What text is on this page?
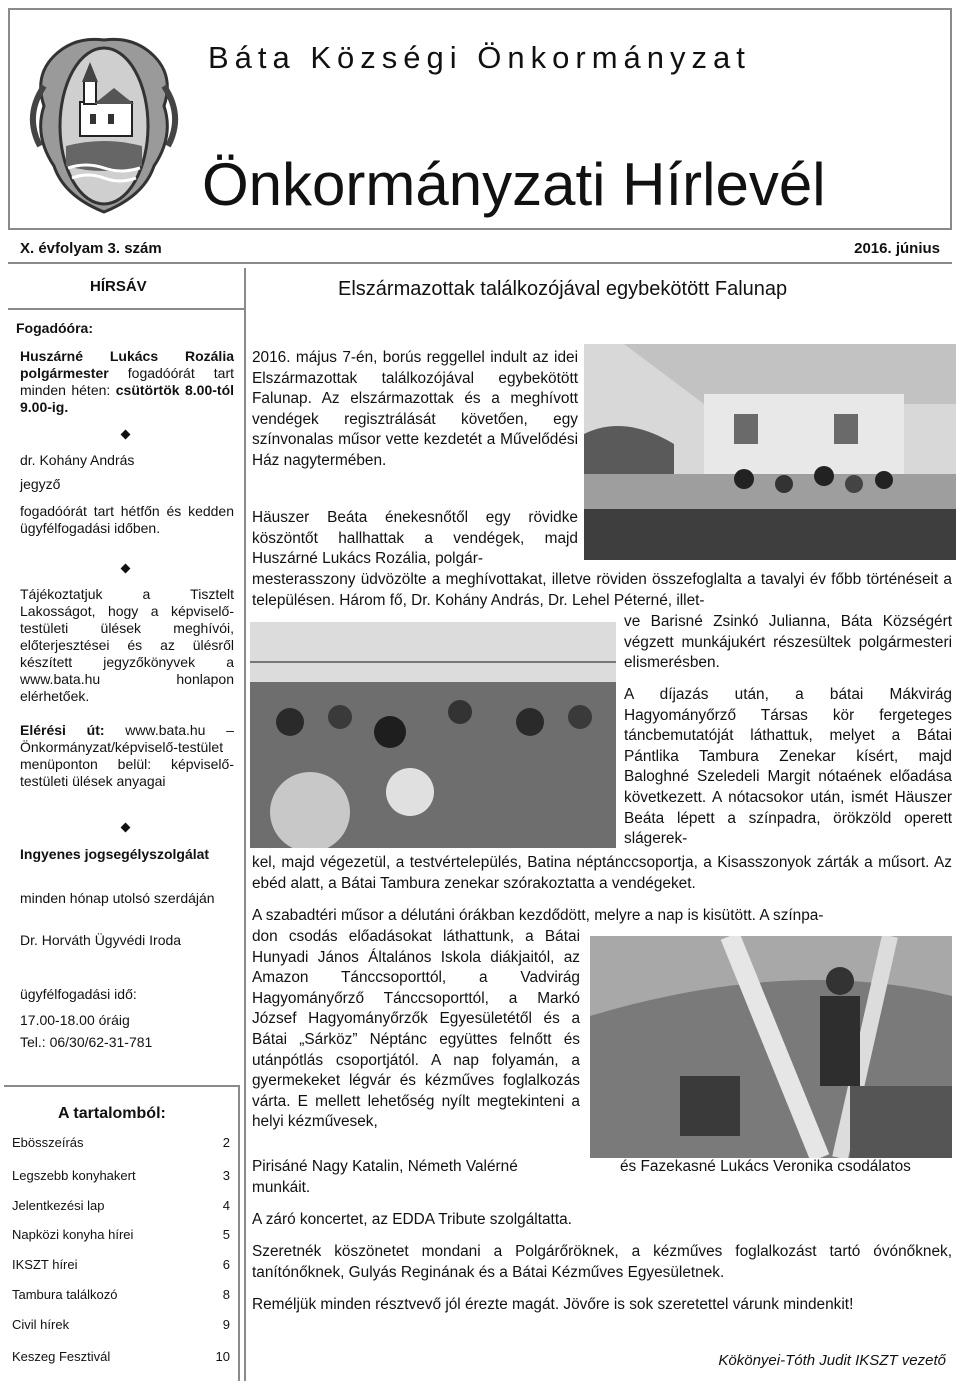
Báta Községi Önkormányzat
Önkormányzati Hírlevél
X. évfolyam 3. szám	2016. június
HÍRSÁV
Fogadóóra:
Huszárné Lukács Rozália polgármester fogadóórát tart minden héten: csütörtök 8.00-tól 9.00-ig.
dr. Kohány András
jegyző
fogadóórát tart hétfőn és kedden ügyfélfogadási időben.
Tájékoztatjuk a Tisztelt Lakosságot, hogy a képviselő-testületi ülések meghívói, előterjesztései és az ülésről készített jegyzőkönyvek a www.bata.hu honlapon elérhetőek.
Elérési út: www.bata.hu – Önkormányzat/képviselő-testület menüponton belül: képviselő-testületi ülések anyagai
Ingyenes jogsegélyszolgálat
minden hónap utolsó szerdáján
Dr. Horváth Ügyvédi Iroda
ügyfélfogadási idő:
17.00-18.00 óráig
Tel.: 06/30/62-31-781
A tartalomból:
Ebösszeírás	2
Legszebb konyhakert	3
Jelentkezési lap	4
Napközi konyha hírei	5
IKSZT hírei	6
Tambura találkozó	8
Civil hírek	9
Keszeg Fesztivál	10
Elszármazottak találkozójával egybekötött Falunap
2016. május 7-én, borús reggellel indult az idei Elszármazottak találkozójával egybekötött Falunap. Az elszármazottak és a meghívott vendégek regisztrálását követően, egy színvonalas műsor vette kezdetét a Művelődési Ház nagytermében.
Häuszer Beáta énekesnőtől egy rövidke köszöntőt hallhattak a vendégek, majd Huszárné Lukács Rozália, polgár-
mesterasszony üdvözölte a meghívottakat, illetve röviden összefoglalta a tavalyi év főbb történéseit a településen. Három fő, Dr. Kohány András, Dr. Lehel Péterné, illet-
ve Barisné Zsinkó Julianna, Báta Községért végzett munkájukért részesültek polgármesteri elismerésben.
A díjazás után, a bátai Mákvirág Hagyományőrző Társas kör fergeteges táncbemutatóját láthattuk, melyet a Bátai Pántlika Tambura Zenekar kísért, majd Baloghné Szeledeli Margit nótaének előadása következett. A nótacsokor után, ismét Häuszer Beáta lépett a színpadra, örökzöld operett slágerek-
kel, majd végezetül, a testvértelepülés, Batina néptánccsoportja, a Kisasszonyok zárták a műsort. Az ebéd alatt, a Bátai Tambura zenekar szórakoztatta a vendégeket.
A szabadtéri műsor a délutáni órákban kezdődött, melyre a nap is kisütött. A színpa-
don csodás előadásokat láthattunk, a Bátai Hunyadi János Általános Iskola diákjaitól, az Amazon Tánccsoporttól, a Vadvirág Hagyományőrző Tánccsoporttól, a Markó József Hagyományőrzők Egyesületétől és a Bátai „Sárköz” Néptánc együttes felnőtt és utánpótlás csoportjától. A nap folyamán, a gyermekeket légvár és kézműves foglalkozás várta. E mellett lehetőség nyílt megtekinteni a helyi kézművesek,
Pirisáné Nagy Katalin, Németh Valérné	és Fazekasné Lukács Veronika csodálatos
munkáit.
A záró koncertet, az EDDA Tribute szolgáltatta.
Szeretnék köszönetet mondani a Polgárőröknek, a kézműves foglalkozást tartó óvónőknek, tanítónőknek, Gulyás Reginának és a Bátai Kézműves Egyesületnek.
Reméljük minden résztvevő jól érezte magát. Jövőre is sok szeretettel várunk mindenkit!
Kökönyei-Tóth Judit IKSZT vezető
